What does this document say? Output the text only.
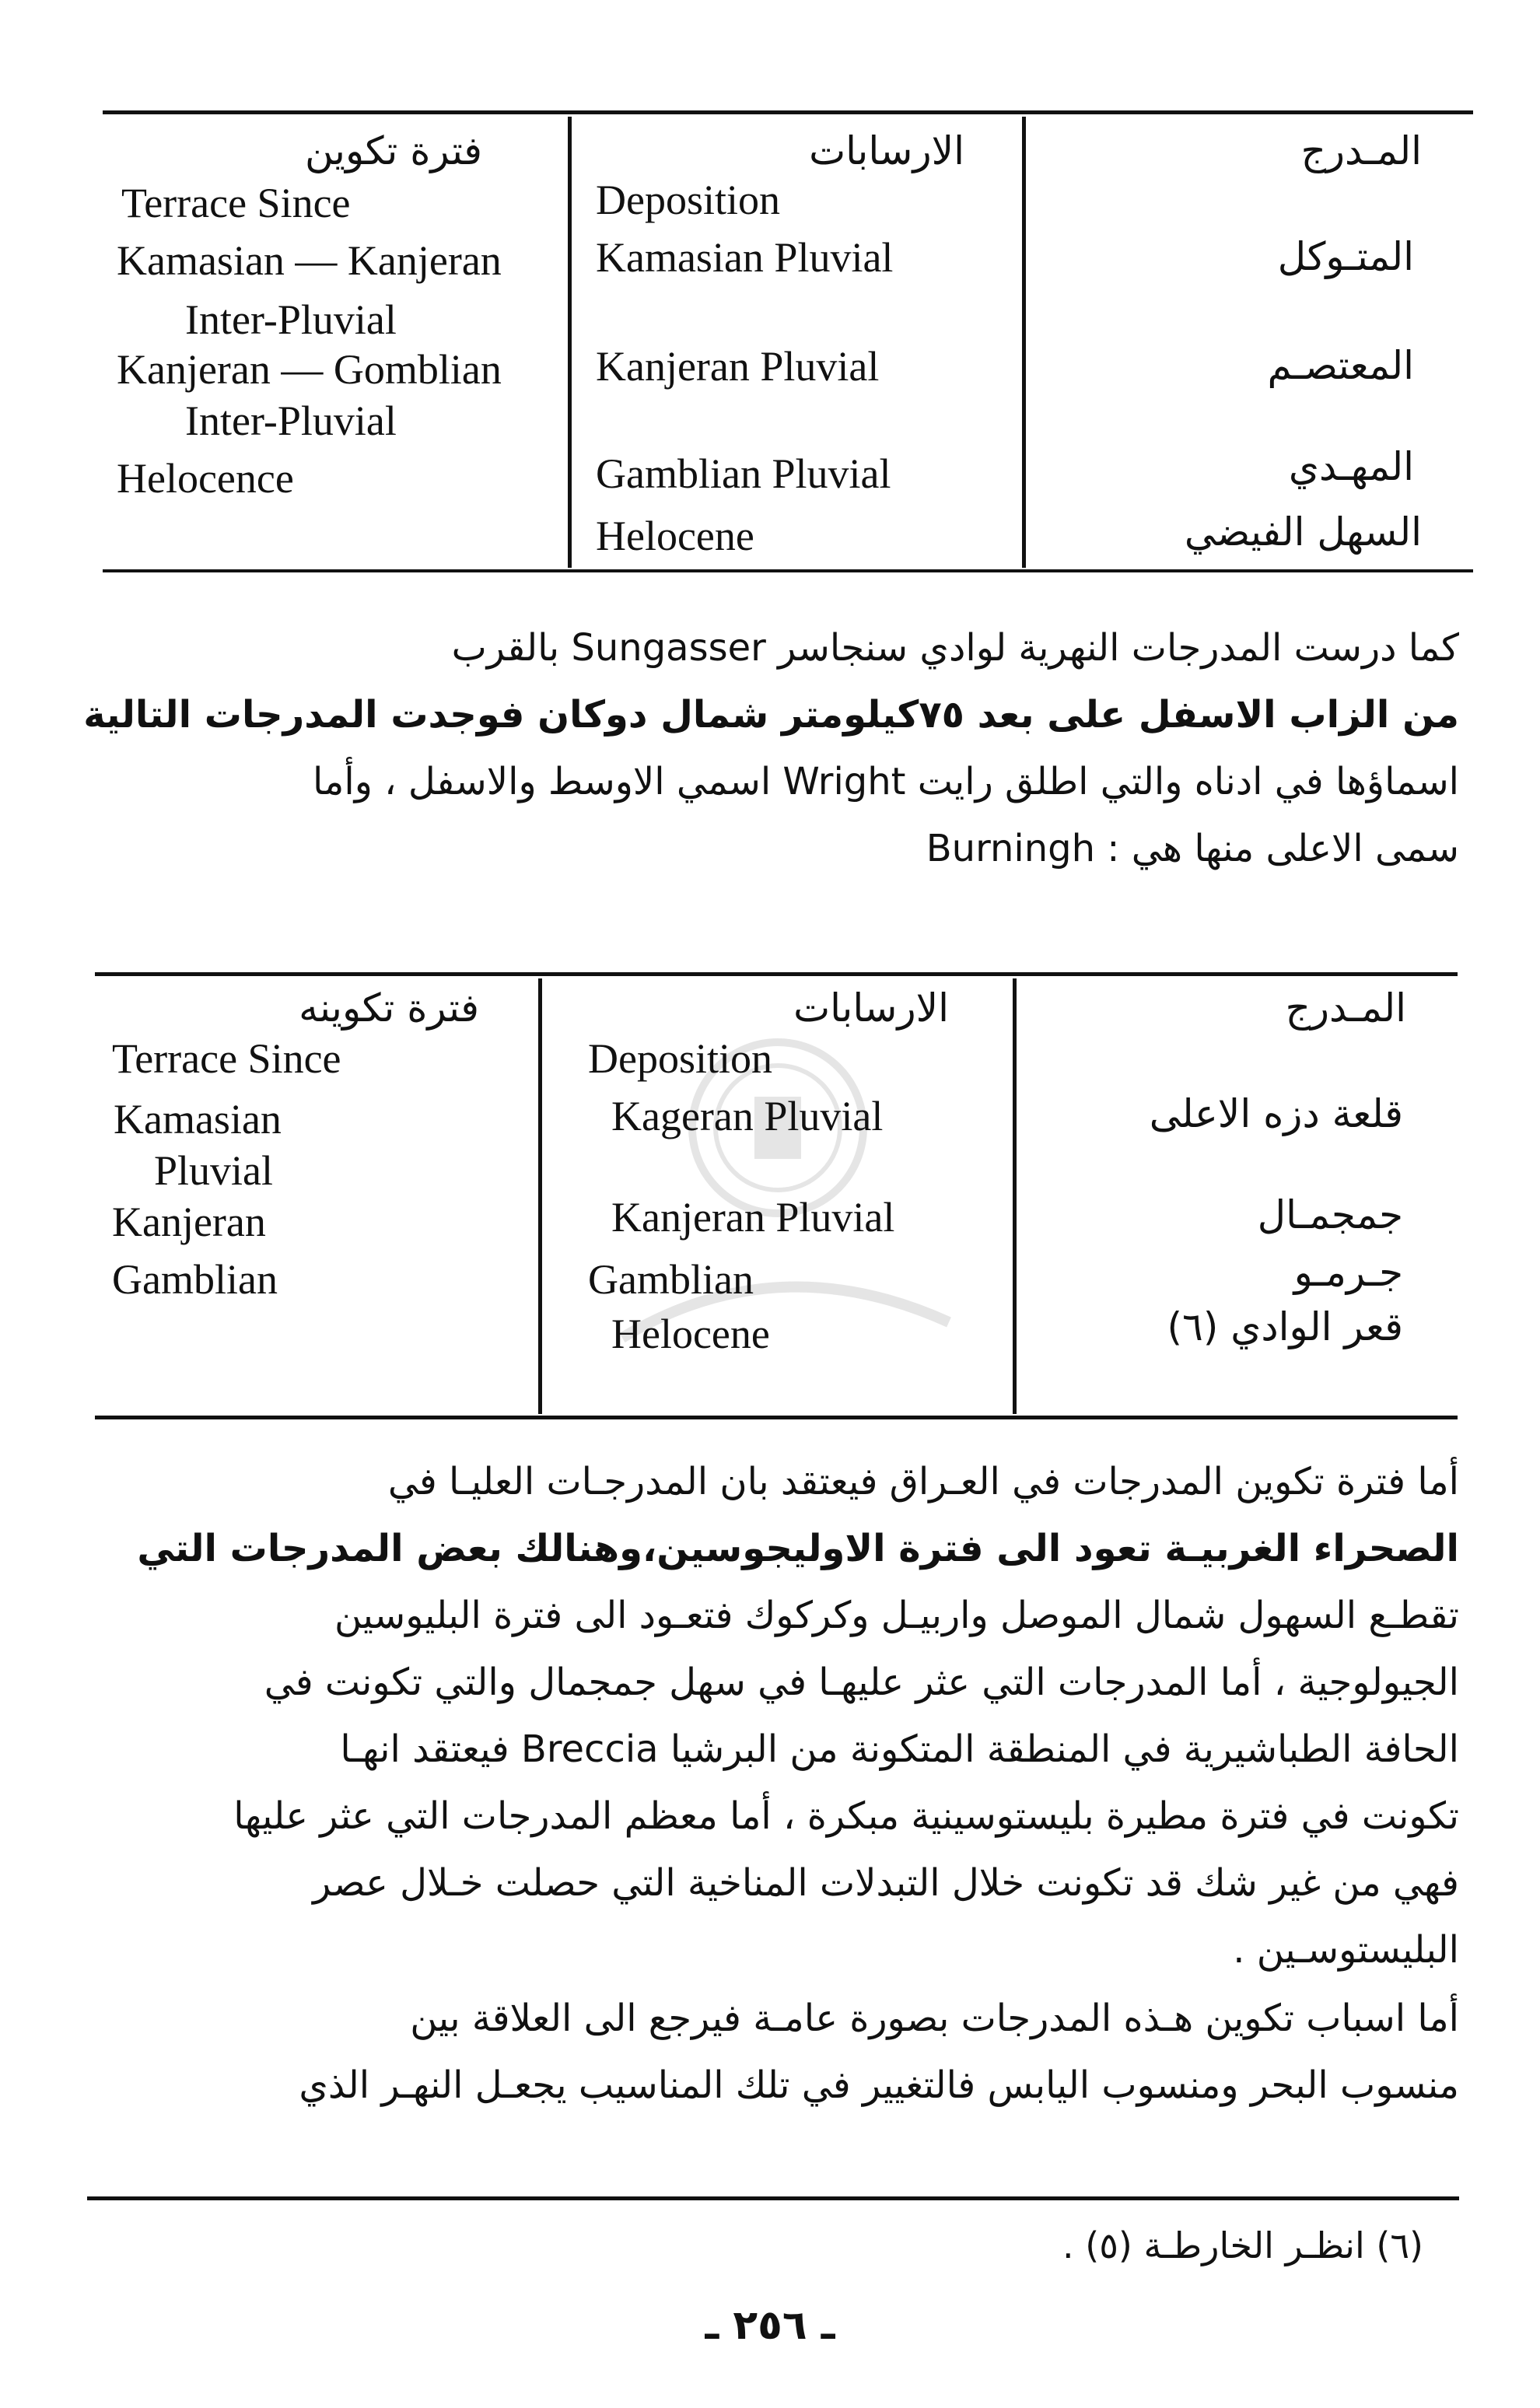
المـدرج
الارسابات
فترة تكوين
Deposition
Terrace Since
المتـوكل
Kamasian Pluvial
Kamasian — Kanjeran
Inter-Pluvial
المعتصـم
Kanjeran Pluvial
Kanjeran — Gomblian
Inter-Pluvial
المهـدي
Gamblian Pluvial
Helocence
السهل الفيضي
Helocene
كما درست المدرجات النهرية لوادي سنجاسر Sungasser بالقرب
من الزاب الاسفل على بعد ٧٥كيلومتر شمال دوكان فوجدت المدرجات التالية
اسماؤها في ادناه والتي اطلق رايت Wright اسمي الاوسط والاسفل ، وأما
سمى الاعلى منها هي : Burningh
المـدرج
الارسابات
فترة تكوينه
Deposition
Terrace Since
قلعة دزه الاعلى
Kageran Pluvial
Kamasian
Pluvial
جمجمـال
Kanjeran Pluvial
Kanjeran
جـرمـو
Gamblian
Gamblian
قعر الوادي (٦)
Helocene
أما فترة تكوين المدرجات في العـراق فيعتقد بان المدرجـات العليـا في
الصحراء الغربيـة تعود الى فترة الاوليجوسين،وهنالك بعض المدرجات التي
تقطـع السهول شمال الموصل واربيـل وكركوك فتعـود الى فترة البليوسين
الجيولوجية ، أما المدرجات التي عثر عليهـا في سهل جمجمال والتي تكونت في
الحافة الطباشيرية في المنطقة المتكونة من البرشيا Breccia فيعتقد انهـا
تكونت في فترة مطيرة بليستوسينية مبكرة ، أما معظم المدرجات التي عثر عليها
فهي من غير شك قد تكونت خلال التبدلات المناخية التي حصلت خـلال عصر
البليستوسـين .
أما اسباب تكوين هـذه المدرجات بصورة عامـة فيرجع الى العلاقة بين
منسوب البحر ومنسوب اليابس فالتغيير في تلك المناسيب يجعـل النهـر الذي
(٦) انظـر الخارطـة (٥) .
ـ ٢٥٦ ـ
